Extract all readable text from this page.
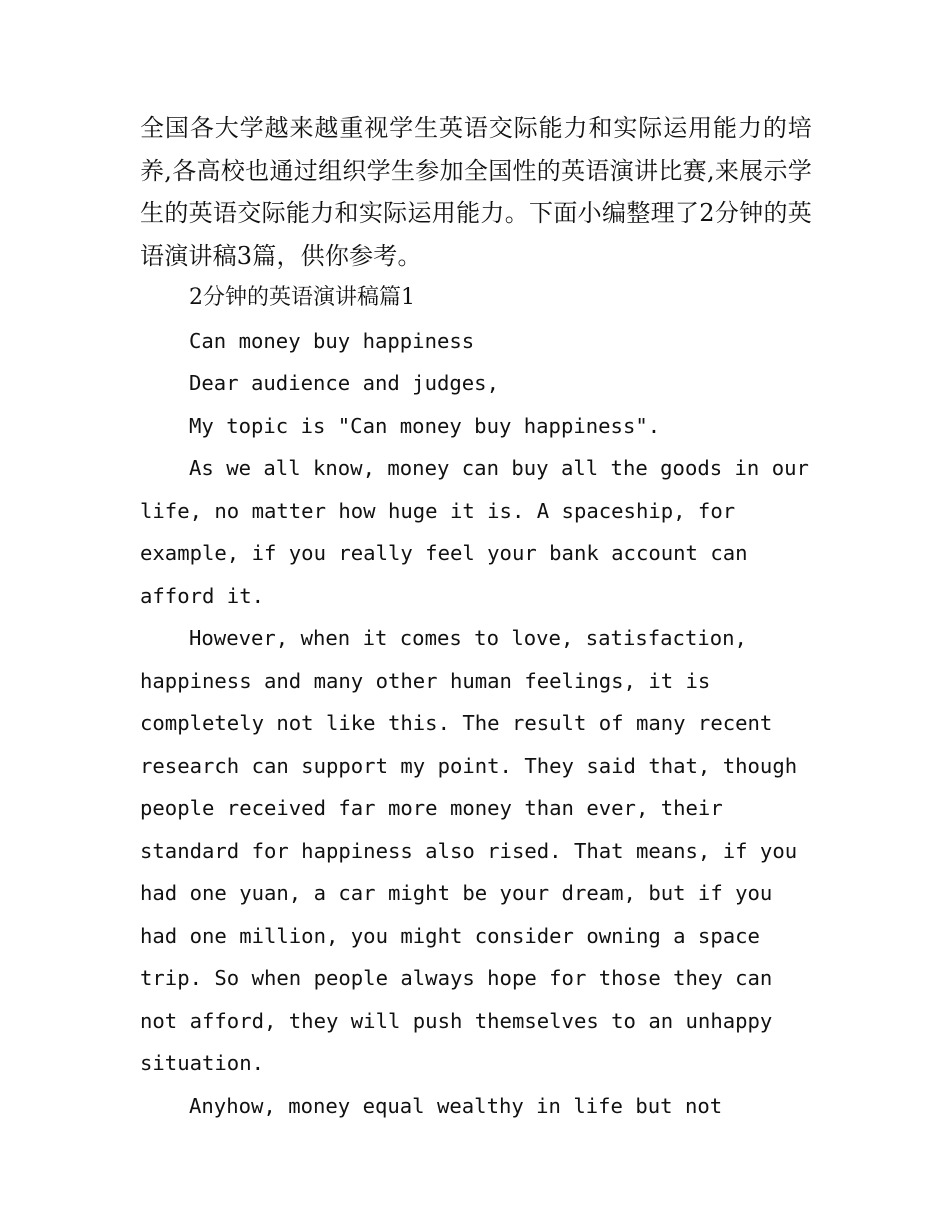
全国各大学越来越重视学生英语交际能力和实际运用能力的培养,各高校也通过组织学生参加全国性的英语演讲比赛,来展示学生的英语交际能力和实际运用能力。下面小编整理了2分钟的英语演讲稿3篇，供你参考。

2分钟的英语演讲稿篇1

Can money buy happiness

Dear audience and judges,

My topic is "Can money buy happiness".

As we all know, money can buy all the goods in our
life, no matter how huge it is. A spaceship, for
example, if you really feel your bank account can
afford it.

However, when it comes to love, satisfaction,
happiness and many other human feelings, it is
completely not like this. The result of many recent
research can support my point. They said that, though
people received far more money than ever, their
standard for happiness also rised. That means, if you
had one yuan, a car might be your dream, but if you
had one million, you might consider owning a space
trip. So when people always hope for those they can
not afford, they will push themselves to an unhappy
situation.

Anyhow, money equal wealthy in life but not
